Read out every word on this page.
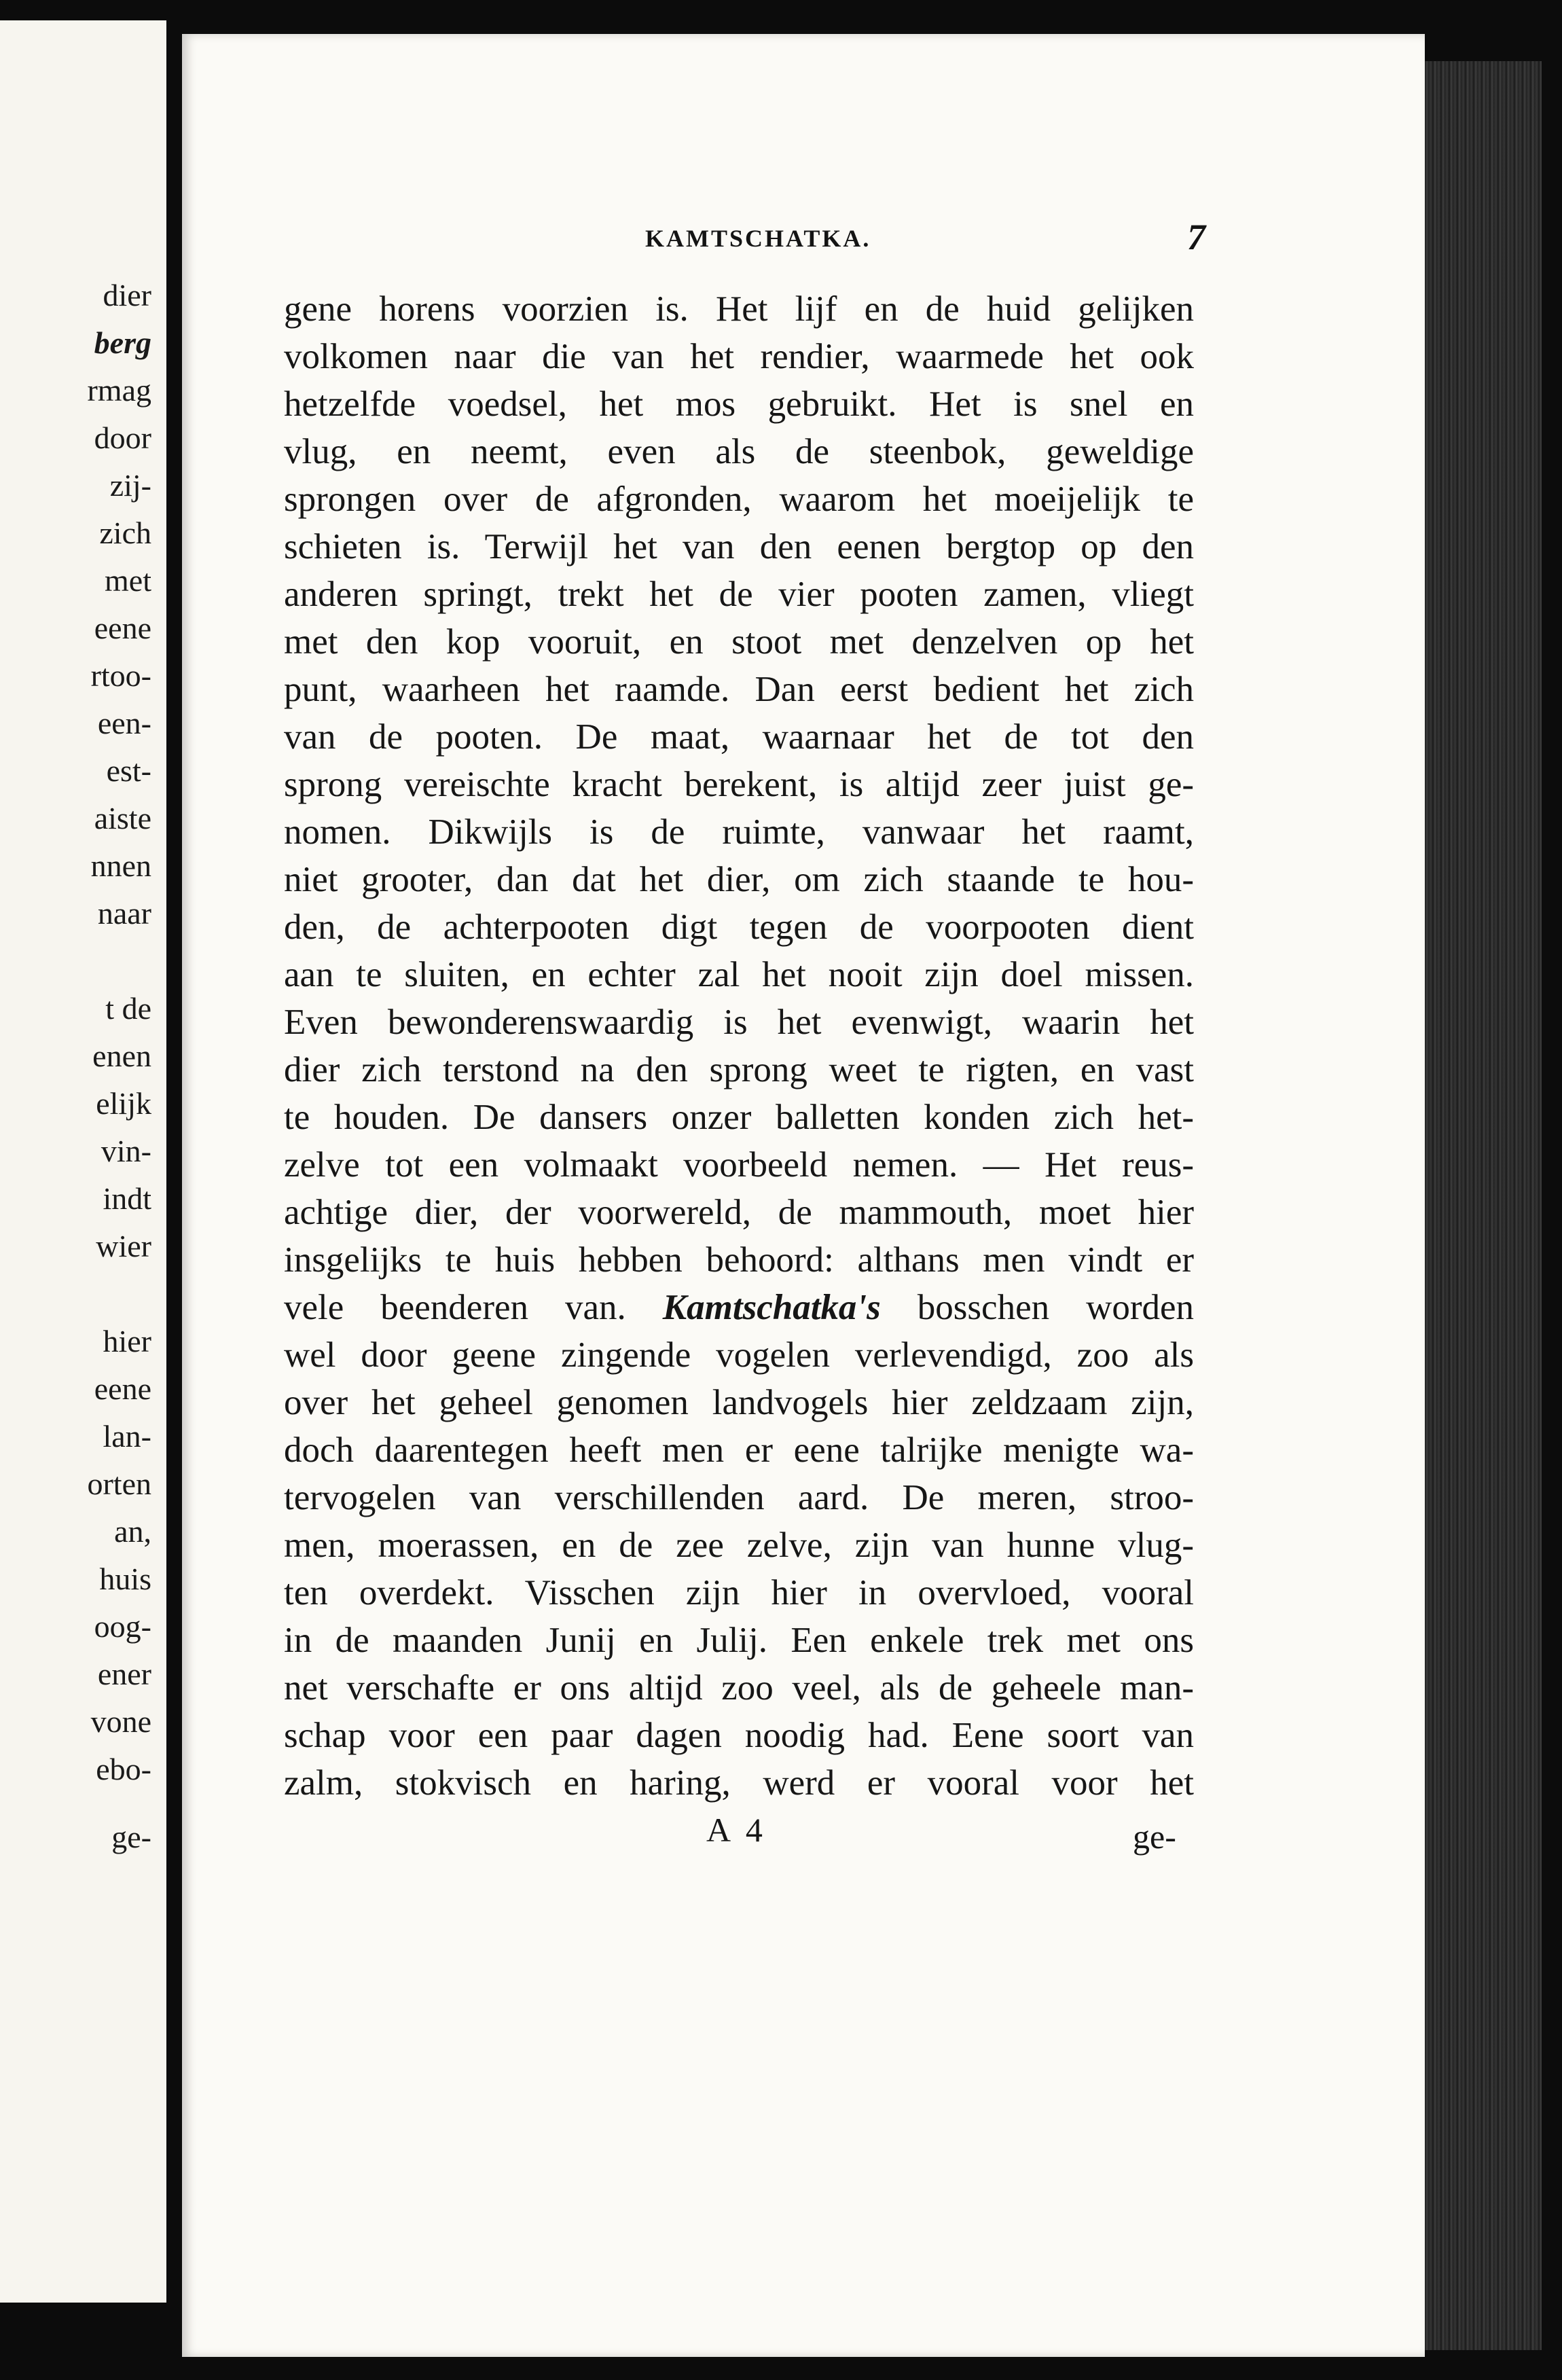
dier
berg
rmag
door
zij-
zich
met
eene
rtoo-
een-
est-
aiste
nnen
naar
t de
enen
elijk
vin-
indt
wier
hier
eene
lan-
orten
an,
huis
oog-
ener
vone
ebo-
ge-
KAMTSCHATKA.	7
gene horens voorzien is. Het lijf en de huid gelijken
volkomen naar die van het rendier, waarmede het ook
hetzelfde voedsel, het mos gebruikt. Het is snel en
vlug, en neemt, even als de steenbok, geweldige
sprongen over de afgronden, waarom het moeijelijk te
schieten is. Terwijl het van den eenen bergtop op den
anderen springt, trekt het de vier pooten zamen, vliegt
met den kop vooruit, en stoot met denzelven op het
punt, waarheen het raamde. Dan eerst bedient het zich
van de pooten. De maat, waarnaar het de tot den
sprong vereischte kracht berekent, is altijd zeer juist ge-
nomen. Dikwijls is de ruimte, vanwaar het raamt,
niet grooter, dan dat het dier, om zich staande te hou-
den, de achterpooten digt tegen de voorpooten dient
aan te sluiten, en echter zal het nooit zijn doel missen.
Even bewonderenswaardig is het evenwigt, waarin het
dier zich terstond na den sprong weet te rigten, en vast
te houden. De dansers onzer balletten konden zich het-
zelve tot een volmaakt voorbeeld nemen. — Het reus-
achtige dier, der voorwereld, de mammouth, moet hier
insgelijks te huis hebben behoord: althans men vindt er
vele beenderen van. Kamtschatka's bosschen worden
wel door geene zingende vogelen verlevendigd, zoo als
over het geheel genomen landvogels hier zeldzaam zijn,
doch daarentegen heeft men er eene talrijke menigte wa-
tervogelen van verschillenden aard. De meren, stroo-
men, moerassen, en de zee zelve, zijn van hunne vlug-
ten overdekt. Visschen zijn hier in overvloed, vooral
in de maanden Junij en Julij. Een enkele trek met ons
net verschafte er ons altijd zoo veel, als de geheele man-
schap voor een paar dagen noodig had. Eene soort van
zalm, stokvisch en haring, werd er vooral voor het
A 4	ge-
